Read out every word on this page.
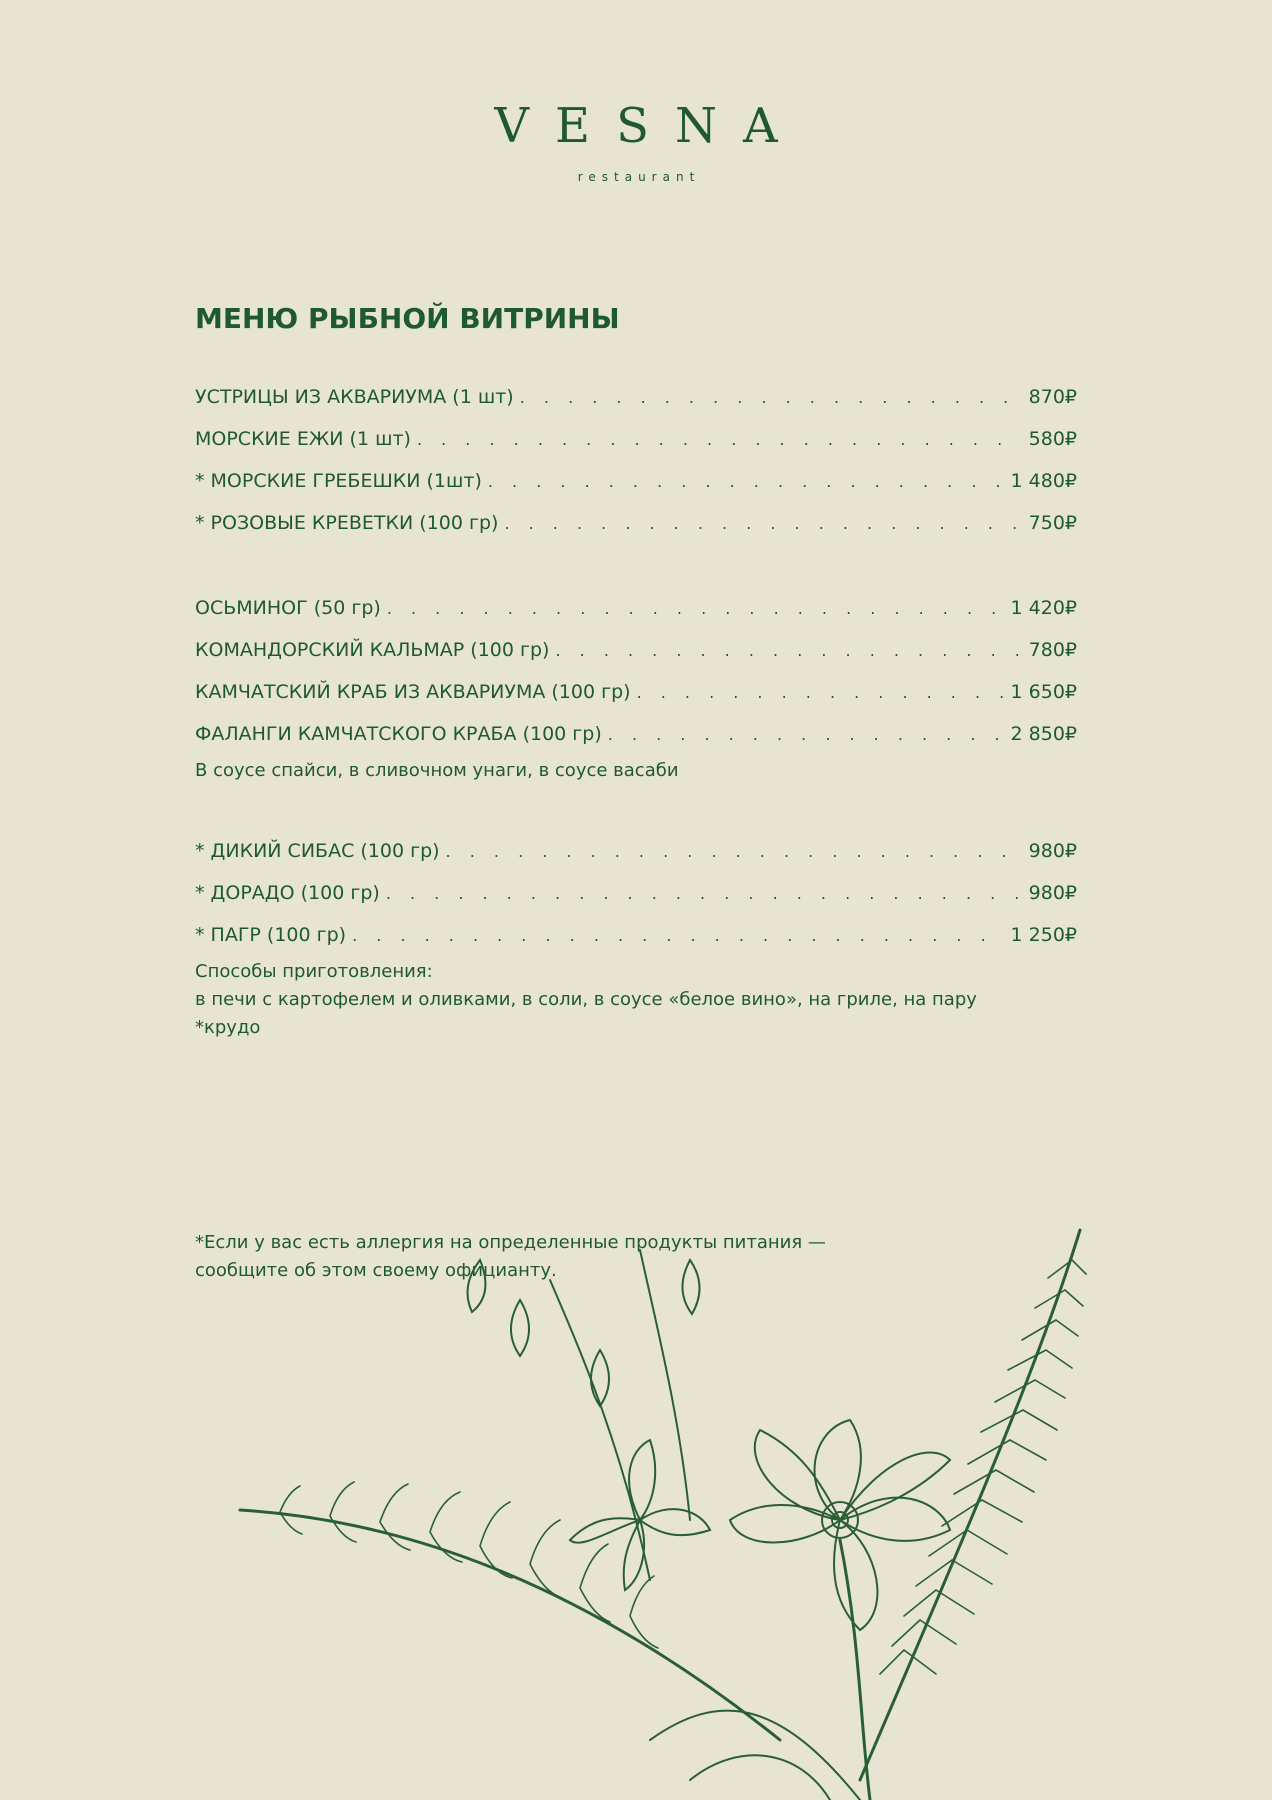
VESNA
restaurant
МЕНЮ РЫБНОЙ ВИТРИНЫ
УСТРИЦЫ ИЗ АКВАРИУМА (1 шт) . . .	870₽
МОРСКИЕ ЕЖИ (1 шт) . . .	580₽
* МОРСКИЕ ГРЕБЕШКИ (1шт) . . .	1 480₽
* РОЗОВЫЕ КРЕВЕТКИ (100 гр) . . .	750₽
ОСЬМИНОГ (50 гр) . . .	1 420₽
КОМАНДОРСКИЙ КАЛЬМАР (100 гр) . . .	780₽
КАМЧАТСКИЙ КРАБ ИЗ АКВАРИУМА (100 гр) . . .	1 650₽
ФАЛАНГИ КАМЧАТСКОГО КРАБА (100 гр) . . .	2 850₽
В соусе спайси, в сливочном унаги, в соусе васаби
* ДИКИЙ СИБАС (100 гр) . . .	980₽
* ДОРАДО (100 гр) . . .	980₽
* ПАГР (100 гр) . . .	1 250₽
Способы приготовления:
в печи с картофелем и оливками, в соли, в соусе «белое вино», на гриле, на пару
*крудо
*Если у вас есть аллергия на определенные продукты питания —
сообщите об этом своему официанту.
